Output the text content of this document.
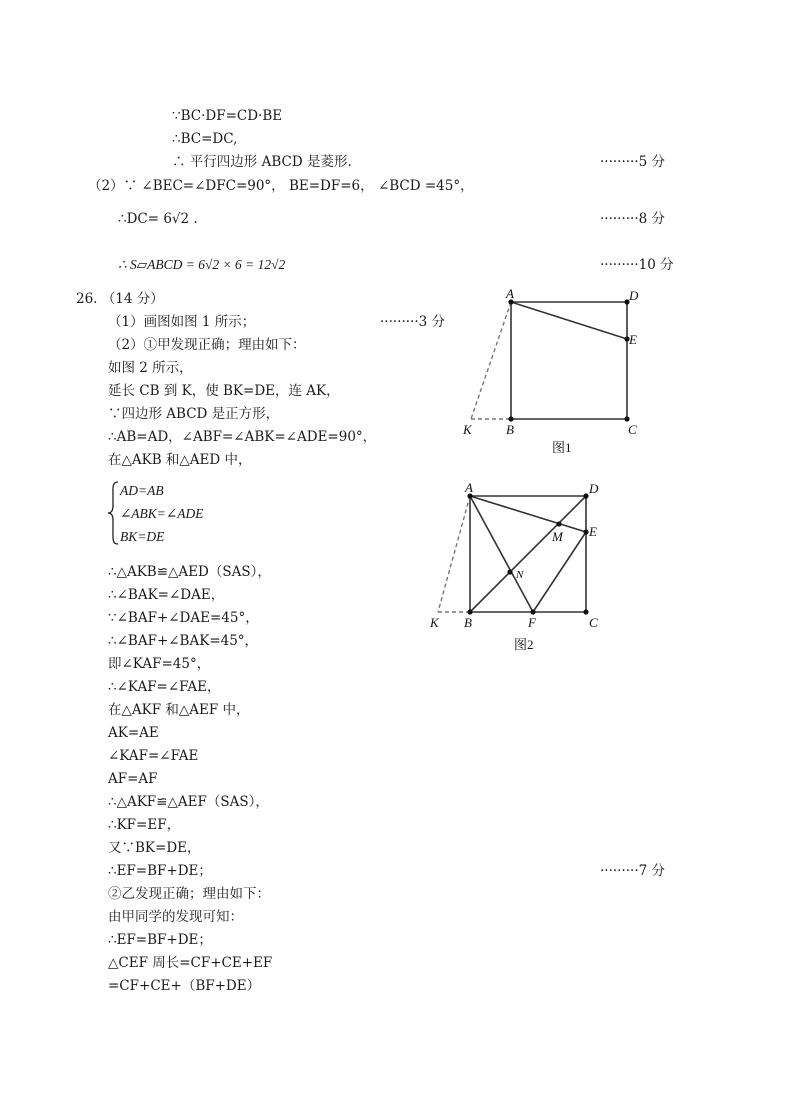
∵BC·DF=CD·BE
∴BC=DC,
∴ 平行四边形 ABCD 是菱形.	·········5 分
（2）∵ ∠BEC=∠DFC=90°， BE=DF=6， ∠BCD =45°，
∴DC= 6√2 .	·········8 分
∴ S▱ABCD = 6√2 × 6 = 12√2	·········10 分
26. （14 分）
（1）画图如图 1 所示；	·········3 分
（2）①甲发现正确；理由如下：
如图 2 所示，
延长 CB 到 K，使 BK=DE，连 AK，
∵四边形 ABCD 是正方形，
∴AB=AD，∠ABF=∠ABK=∠ADE=90°，
在△AKB 和△AED 中，
AD=AB
∠ABK=∠ADE
BK=DE
∴△AKB≌△AED（SAS），
∴∠BAK=∠DAE，
∵∠BAF+∠DAE=45°，
∴∠BAF+∠BAK=45°，
即∠KAF=45°，
∴∠KAF=∠FAE，
在△AKF 和△AEF 中，
AK=AE
∠KAF=∠FAE
AF=AF
∴△AKF≌△AEF（SAS），
∴KF=EF，
又∵BK=DE，
∴EF=BF+DE；	·········7 分
②乙发现正确；理由如下：
由甲同学的发现可知：
∴EF=BF+DE；
△CEF 周长=CF+CE+EF
=CF+CE+（BF+DE）
A	D
E
K	B	C
图1
A	D
E
M
N
K B	F	C
图2
